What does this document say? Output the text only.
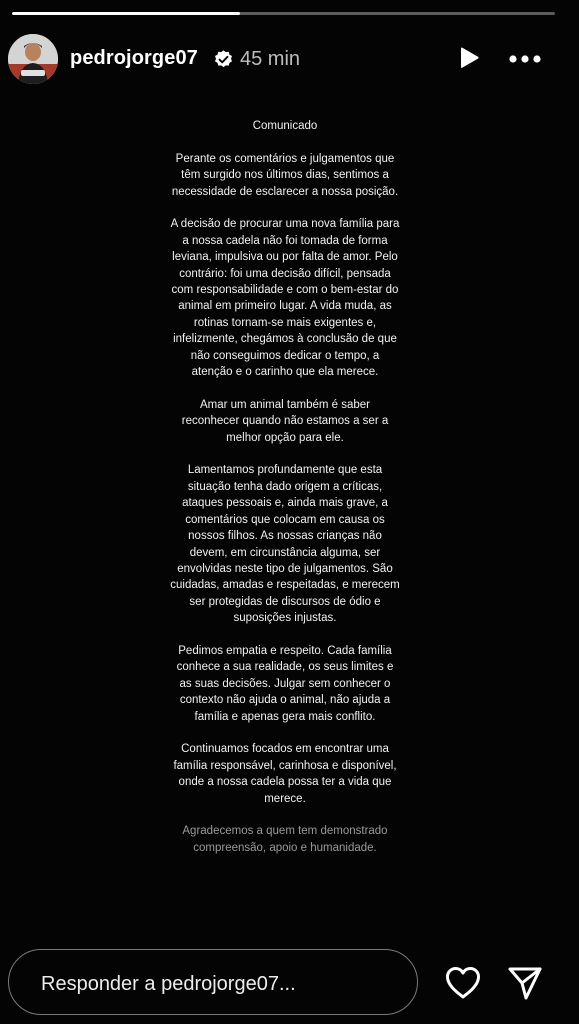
pedrojorge07 45 min

Comunicado

Perante os comentários e julgamentos que têm surgido nos últimos dias, sentimos a necessidade de esclarecer a nossa posição.

A decisão de procurar uma nova família para a nossa cadela não foi tomada de forma leviana, impulsiva ou por falta de amor. Pelo contrário: foi uma decisão difícil, pensada com responsabilidade e com o bem-estar do animal em primeiro lugar. A vida muda, as rotinas tornam-se mais exigentes e, infelizmente, chegámos à conclusão de que não conseguimos dedicar o tempo, a atenção e o carinho que ela merece.

Amar um animal também é saber reconhecer quando não estamos a ser a melhor opção para ele.

Lamentamos profundamente que esta situação tenha dado origem a críticas, ataques pessoais e, ainda mais grave, a comentários que colocam em causa os nossos filhos. As nossas crianças não devem, em circunstância alguma, ser envolvidas neste tipo de julgamentos. São cuidadas, amadas e respeitadas, e merecem ser protegidas de discursos de ódio e suposições injustas.

Pedimos empatia e respeito. Cada família conhece a sua realidade, os seus limites e as suas decisões. Julgar sem conhecer o contexto não ajuda o animal, não ajuda a família e apenas gera mais conflito.

Continuamos focados em encontrar uma família responsável, carinhosa e disponível, onde a nossa cadela possa ter a vida que merece.

Agradecemos a quem tem demonstrado compreensão, apoio e humanidade.

Responder a pedrojorge07...
